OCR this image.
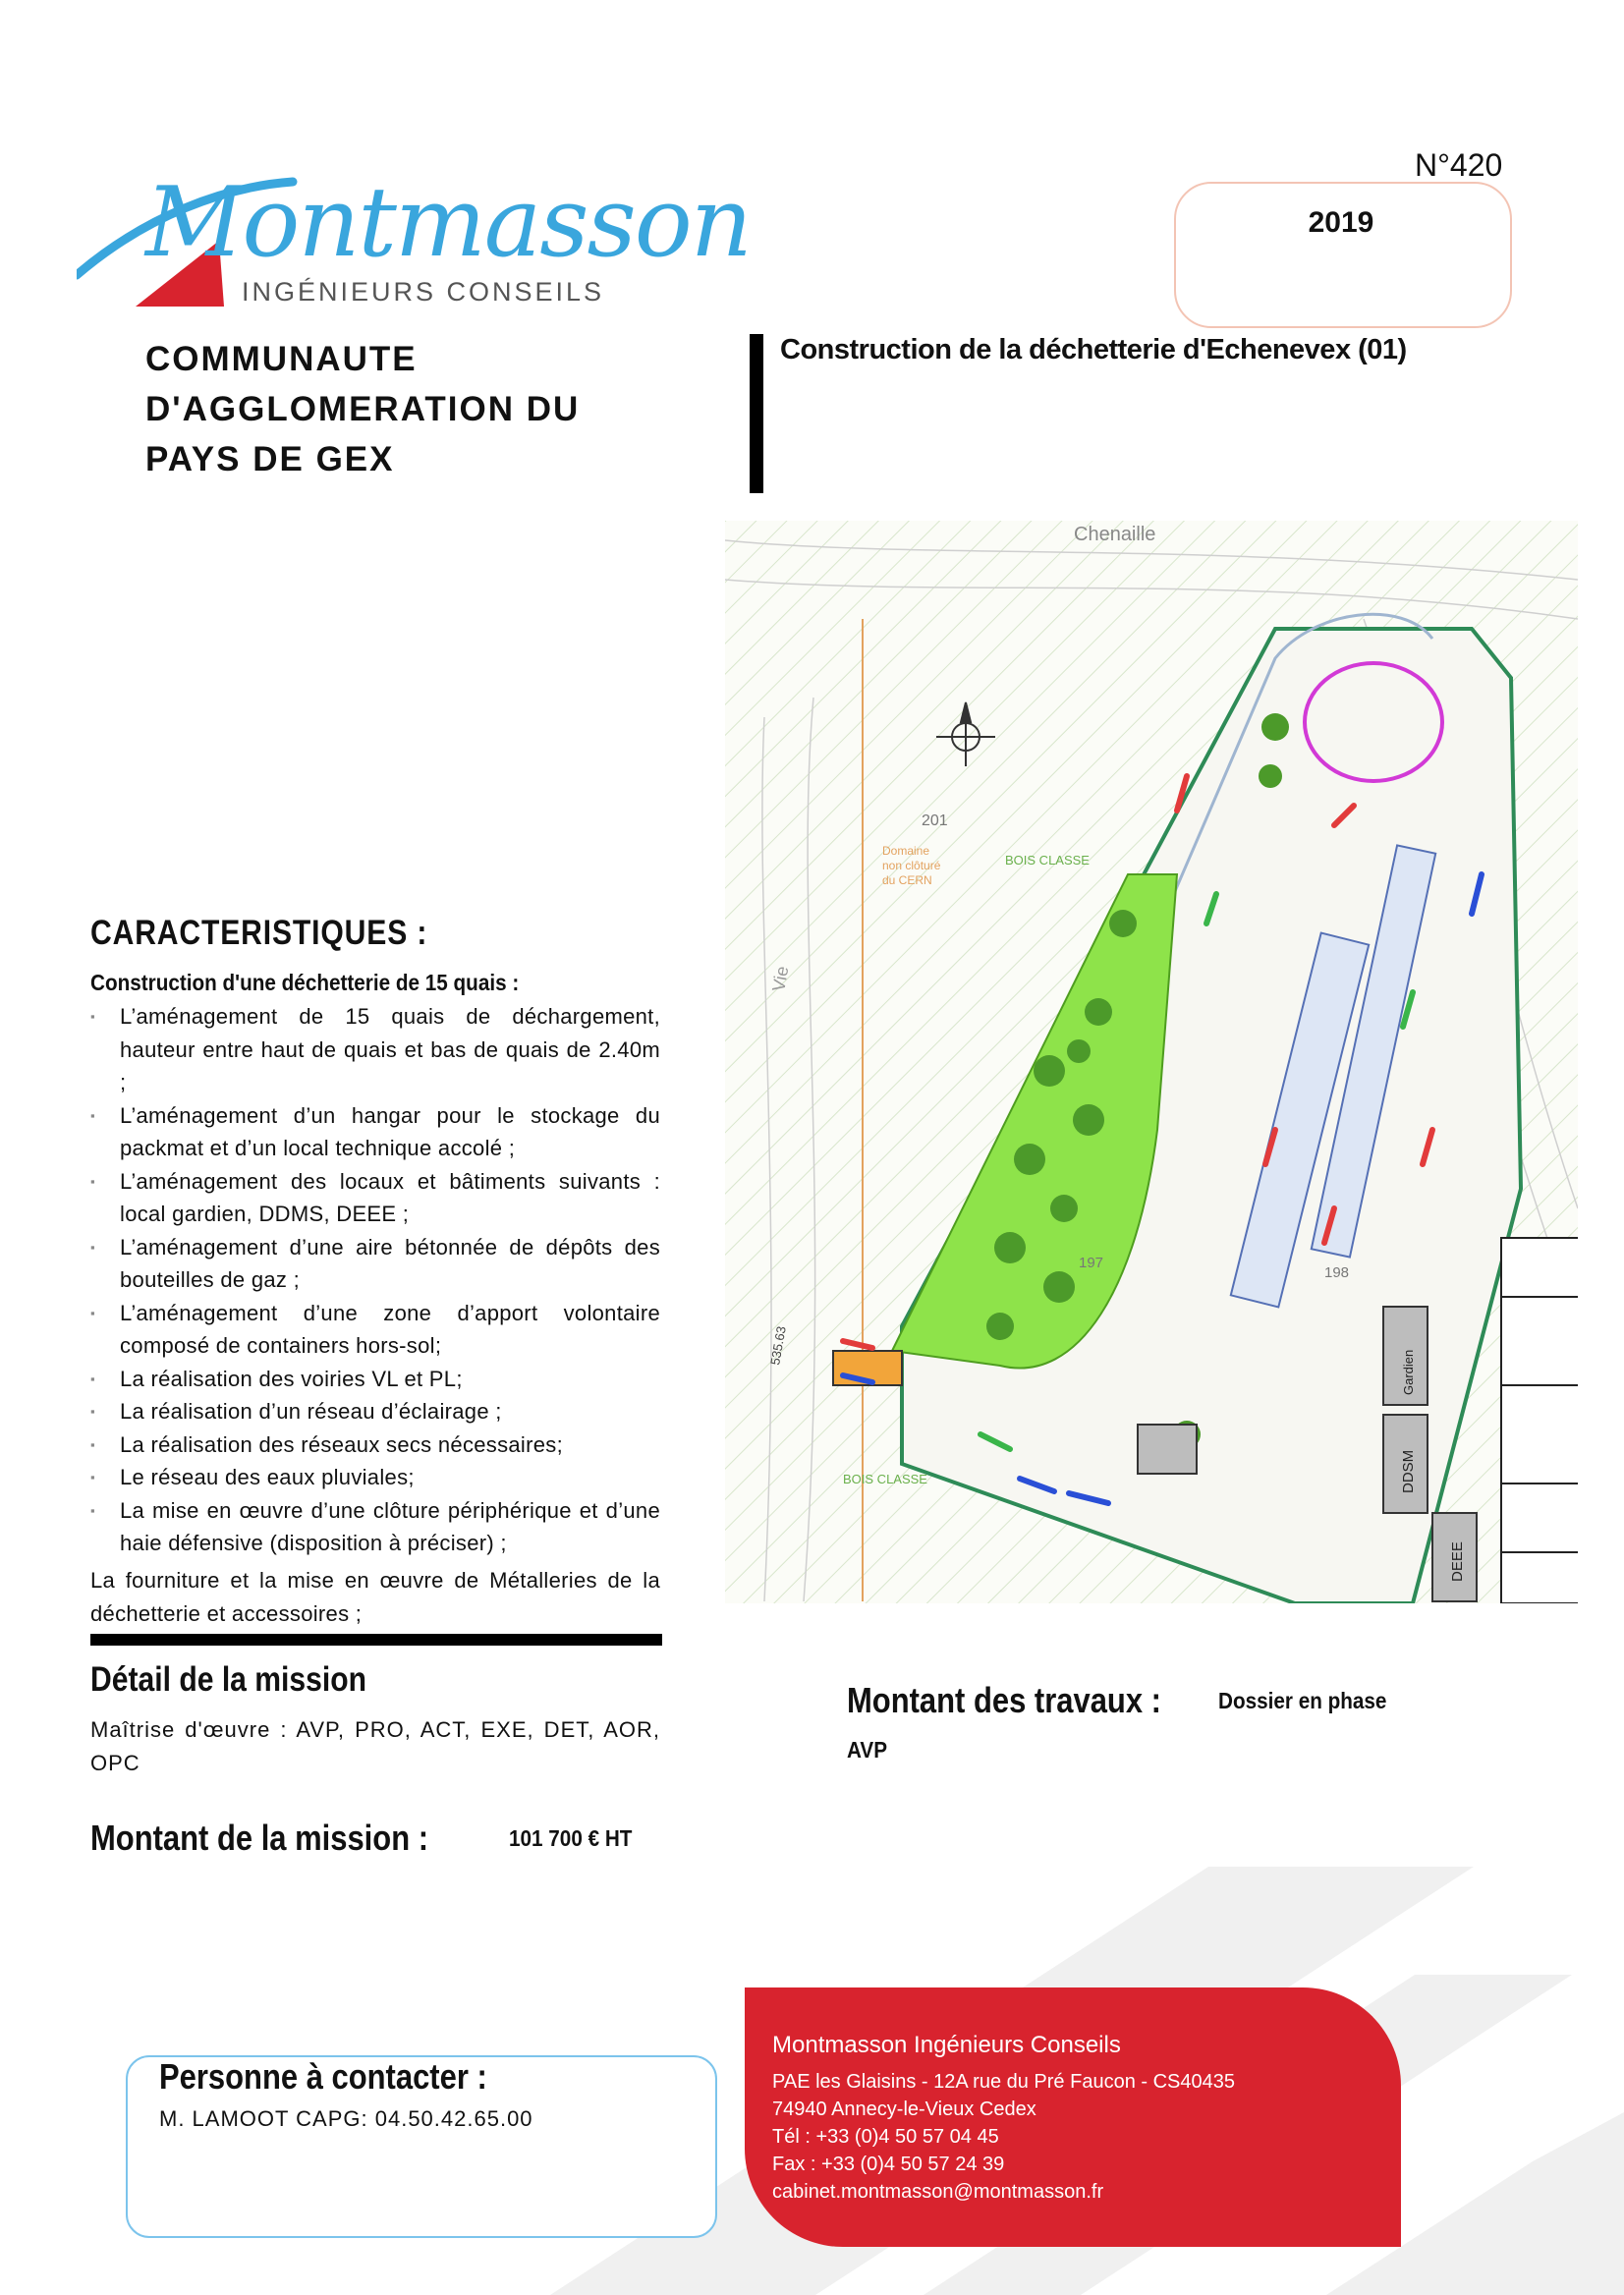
Montmasson
INGÉNIEURS CONSEILS
N°420
2019
COMMUNAUTE
D'AGGLOMERATION DU
PAYS DE GEX
Construction de la déchetterie d'Echenevex (01)
Chenaille
201
Domaine
non clôturé
du CERN
BOIS CLASSE
BOIS CLASSE
197
198
Vie
535.63
Gardien
DDSM
DEEE
CARACTERISTIQUES :
Construction d'une déchetterie de 15 quais :
▪ L’aménagement de 15 quais de déchargement, hauteur entre haut de quais et bas de quais de 2.40m ;
▪ L’aménagement d’un hangar pour le stockage du packmat et d’un local technique accolé ;
▪ L’aménagement des locaux et bâtiments suivants : local gardien, DDMS, DEEE ;
▪ L’aménagement d’une aire bétonnée de dépôts des bouteilles de gaz ;
▪ L’aménagement d’une zone d’apport volontaire composé de containers hors-sol;
▪ La réalisation des voiries VL et PL;
▪ La réalisation d’un réseau d’éclairage ;
▪ La réalisation des réseaux secs nécessaires;
▪ Le réseau des eaux pluviales;
▪ La mise en œuvre d’une clôture périphérique et d’une haie défensive (disposition à préciser) ;
La fourniture et la mise en œuvre de Métalleries de la déchetterie et accessoires ;
Détail de la mission
Maîtrise d'œuvre : AVP, PRO, ACT, EXE, DET, AOR, OPC
Montant de la mission :	101 700 € HT
Montant des travaux :	Dossier en phase
AVP
Personne à contacter :
M. LAMOOT CAPG: 04.50.42.65.00
Montmasson Ingénieurs Conseils
PAE les Glaisins - 12A rue du Pré Faucon - CS40435
74940 Annecy-le-Vieux Cedex
Tél : +33 (0)4 50 57 04 45
Fax : +33 (0)4 50 57 24 39
cabinet.montmasson@montmasson.fr
